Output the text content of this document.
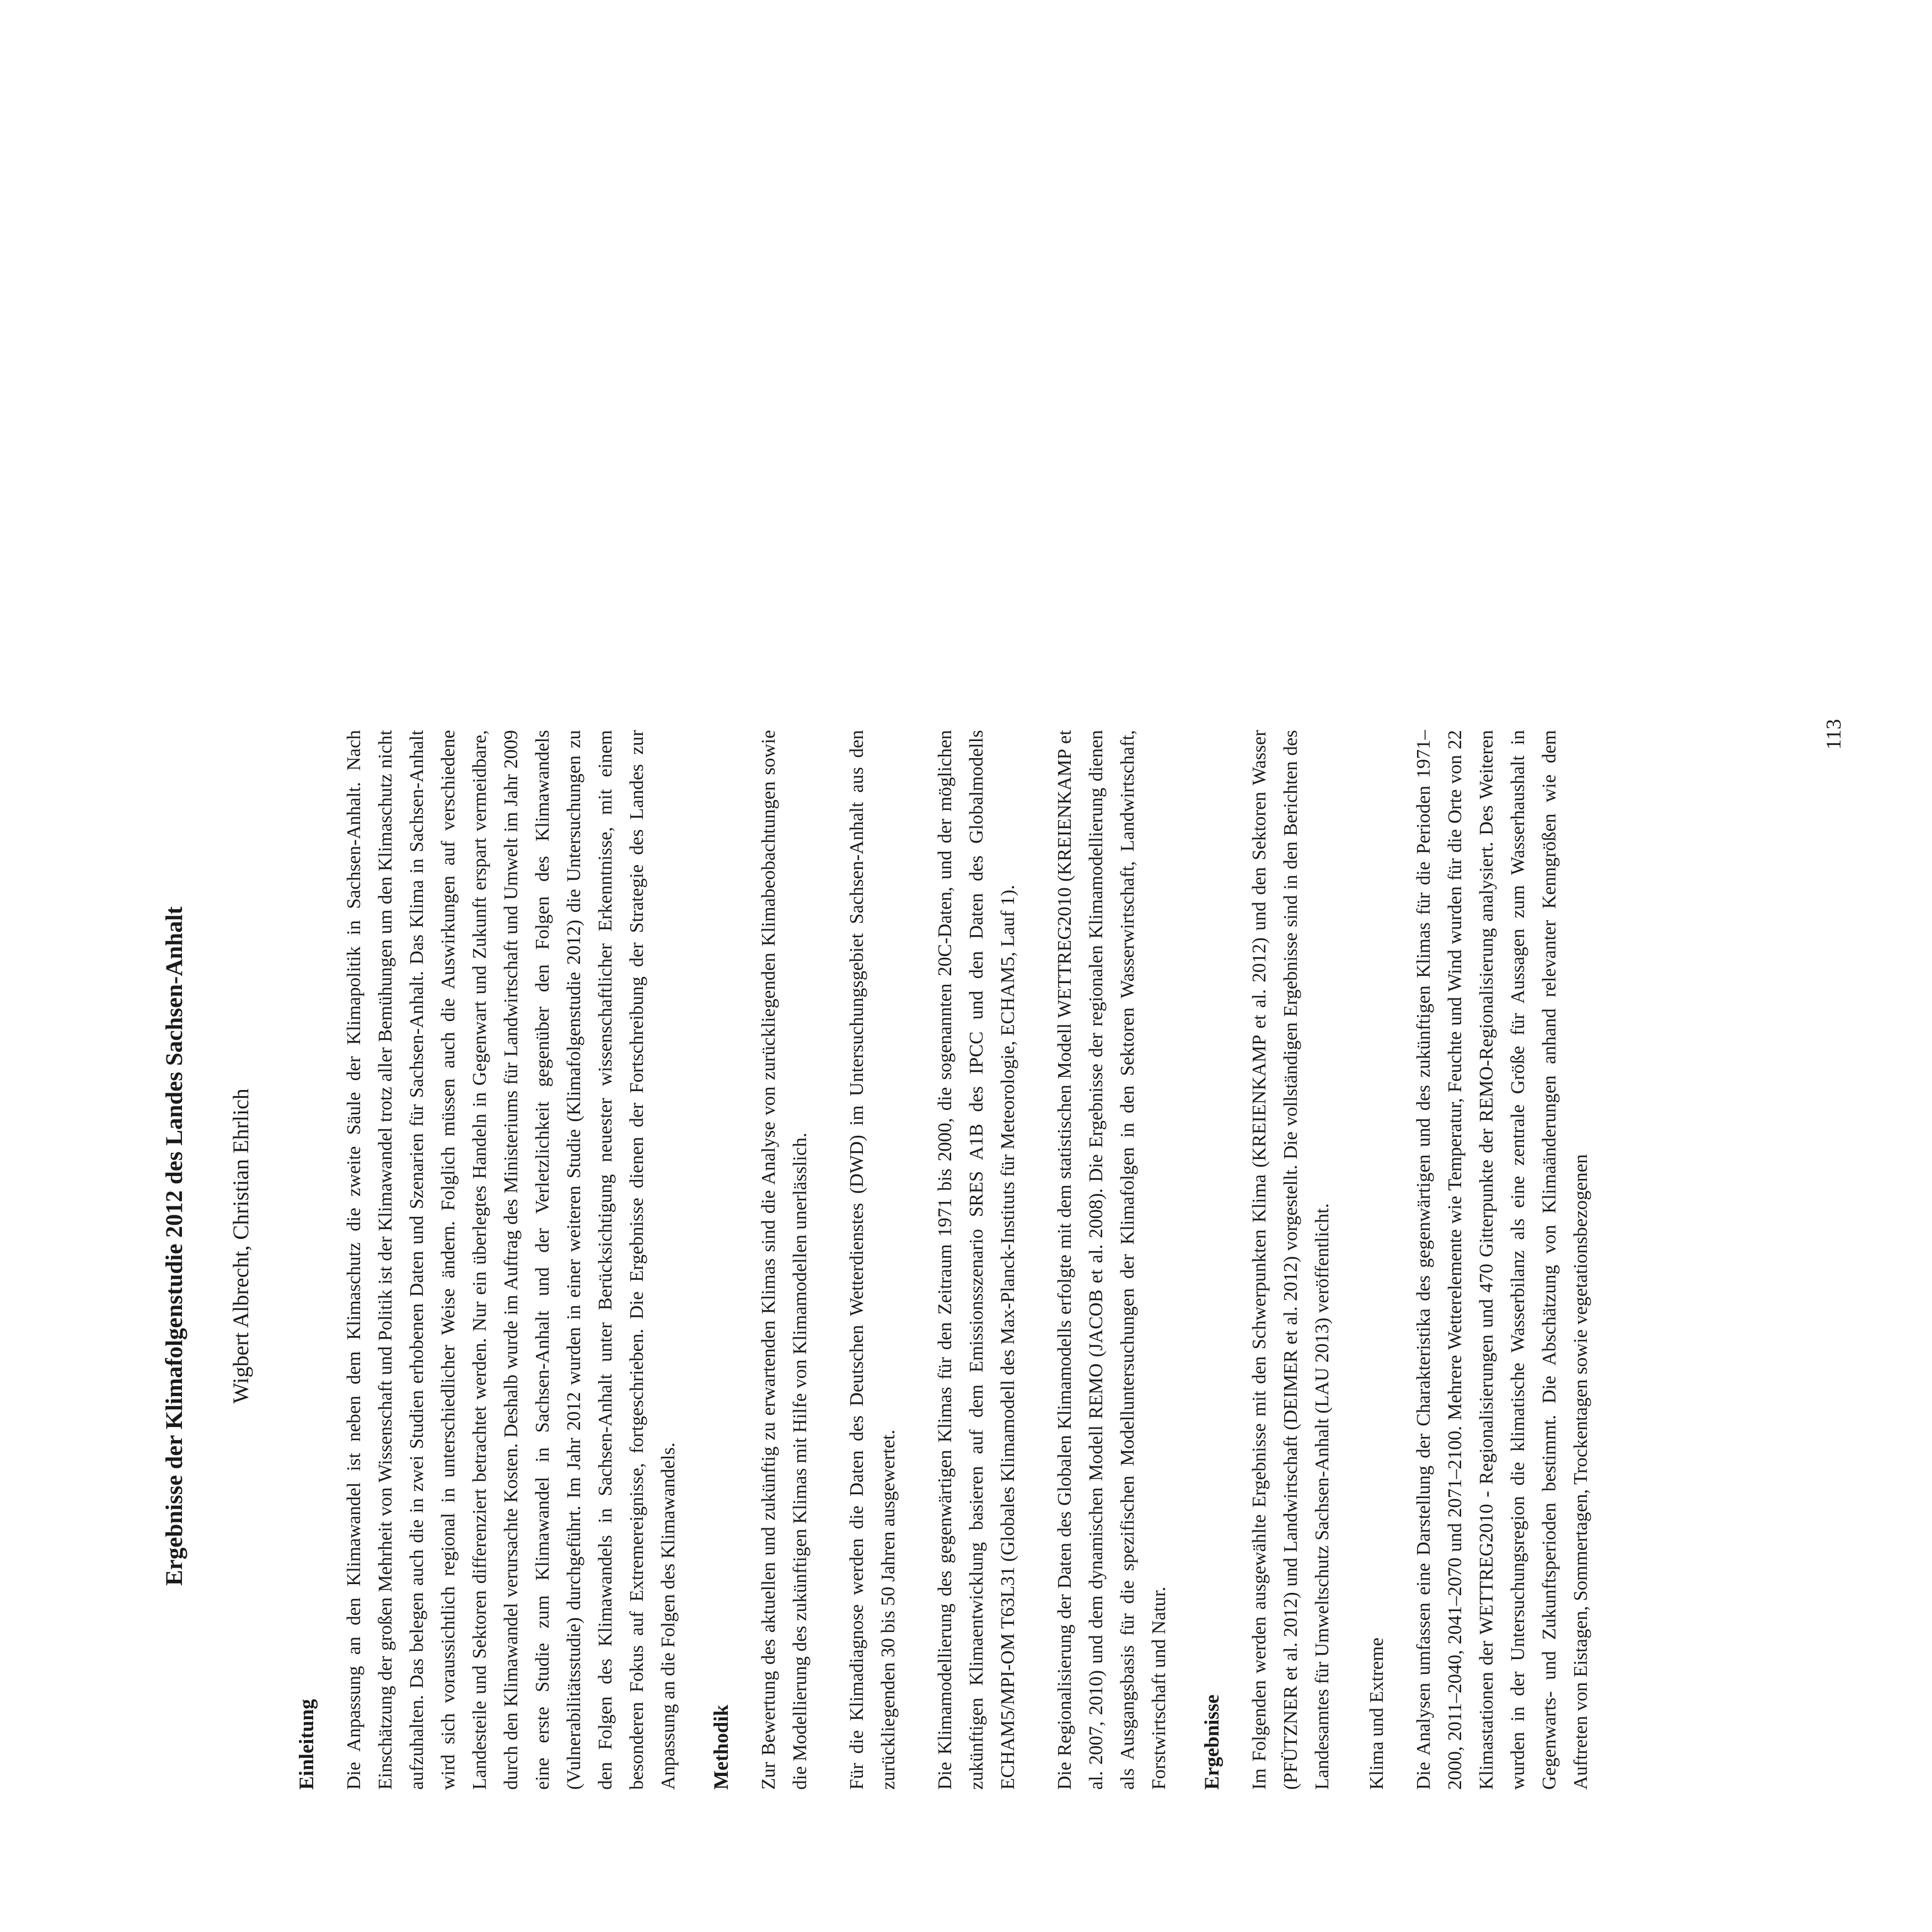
Ergebnisse der Klimafolgenstudie 2012 des Landes Sachsen-Anhalt Wigbert Albrecht, Christian Ehrlich
Einleitung Die Anpassung an den Klimawandel ist neben dem Klimaschutz die zweite Säule der Klimapolitik in Sachsen-Anhalt. Nach Einschätzung der großen Mehrheit von Wissenschaft und Politik ist der Klimawandel trotz aller Bemühungen um den Klimaschutz nicht aufzuhalten. Das belegen auch die in zwei Studien erhobenen Daten und Szenarien für Sachsen-Anhalt. Das Klima in Sachsen-Anhalt wird sich voraussichtlich regional in unterschiedlicher Weise ändern. Folglich müssen auch die Auswirkungen auf verschiedene Landesteile und Sektoren differenziert betrachtet werden. Nur ein überlegtes Handeln in Gegenwart und Zukunft erspart vermeidbare, durch den Klimawandel verursachte Kosten. Deshalb wurde im Auftrag des Ministeriums für Landwirtschaft und Umwelt im Jahr 2009 eine erste Studie zum Klimawandel in Sachsen-Anhalt und der Verletzlichkeit gegenüber den Folgen des Klimawandels (Vulnerabilitätsstudie) durchgeführt. Im Jahr 2012 wurden in einer weiteren Studie (Klimafolgenstudie 2012) die Untersuchungen zu den Folgen des Klimawandels in Sachsen-Anhalt unter Berücksichtigung neuester wissenschaftlicher Erkenntnisse, mit einem besonderen Fokus auf Extremereignisse, fortgeschrieben. Die Ergebnisse dienen der Fortschreibung der Strategie des Landes zur Anpassung an die Folgen des Klimawandels. Methodik Zur Bewertung des aktuellen und zukünftig zu erwartenden Klimas sind die Analyse von zurückliegenden Klimabeobachtungen sowie die Modellierung des zukünftigen Klimas mit Hilfe von Klimamodellen unerlässlich. Für die Klimadiagnose werden die Daten des Deutschen Wetterdienstes (DWD) im Untersuchungsgebiet Sachsen-Anhalt aus den zurückliegenden 30 bis 50 Jahren ausgewertet. Die Klimamodellierung des gegenwärtigen Klimas für den Zeitraum 1971 bis 2000, die sogenannten 20C-Daten, und der möglichen zukünftigen Klimaentwicklung basieren auf dem Emissionsszenario SRES A1B des IPCC und den Daten des Globalmodells ECHAM5/MPI-OM T63L31 (Globales Klimamodell des Max-Planck-Instituts für Meteorologie, ECHAM5, Lauf 1). Die Regionalisierung der Daten des Globalen Klimamodells erfolgte mit dem statistischen Modell WETTREG2010 (KREIENKAMP et al. 2007, 2010) und dem dynamischen Modell REMO (JACOB et al. 2008). Die Ergebnisse der regionalen Klimamodellierung dienen als Ausgangsbasis für die spezifischen Modelluntersuchungen der Klimafolgen in den Sektoren Wasserwirtschaft, Landwirtschaft, Forstwirtschaft und Natur. Ergebnisse Im Folgenden werden ausgewählte Ergebnisse mit den Schwerpunkten Klima (KREIENKAMP et al. 2012) und den Sektoren Wasser (PFÜTZNER et al. 2012) und Landwirtschaft (DEIMER et al. 2012) vorgestellt. Die vollständigen Ergebnisse sind in den Berichten des Landesamtes für Umweltschutz Sachsen-Anhalt (LAU 2013) veröffentlicht. Klima und Extreme Die Analysen umfassen eine Darstellung der Charakteristika des gegenwärtigen und des zukünftigen Klimas für die Perioden 1971–2000, 2011–2040, 2041–2070 und 2071–2100. Mehrere Wetterelemente wie Temperatur, Feuchte und Wind wurden für die Orte von 22 Klimastationen der WETTREG2010 - Regionalisierungen und 470 Gitterpunkte der REMO-Regionalisierung analysiert. Des Weiteren wurden in der Untersuchungsregion die klimatische Wasserbilanz als eine zentrale Größe für Aussagen zum Wasserhaushalt in Gegenwarts- und Zukunftsperioden bestimmt. Die Abschätzung von Klimaänderungen anhand relevanter Kenngrößen wie dem Auftreten von Eistagen, Sommertagen, Trockentagen sowie vegetationsbezogenen

113
